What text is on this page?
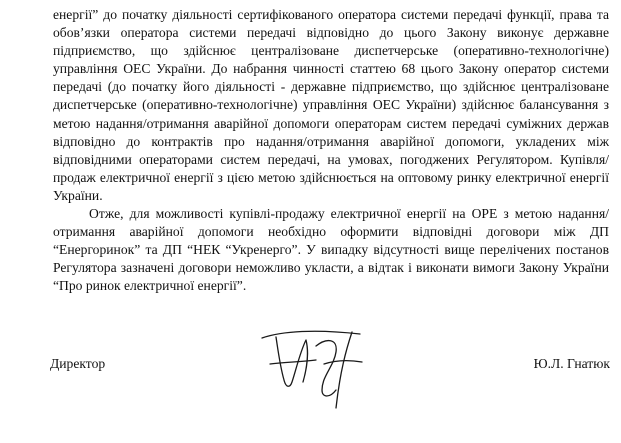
енергії” до початку діяльності сертифікованого оператора системи передачі функції, права та обов’язки оператора системи передачі відповідно до цього Закону виконує державне підприємство, що здійснює централізоване диспетчерське (оперативно-технологічне) управління ОЕС України. До набрання чинності статтею 68 цього Закону оператор системи передачі (до початку його діяльності - державне підприємство, що здійснює централізоване диспетчерське (оперативно-технологічне) управління ОЕС України) здійснює балансування з метою надання/отримання аварійної допомоги операторам систем передачі суміжних держав відповідно до контрактів про надання/отримання аварійної допомоги, укладених між відповідними операторами систем передачі, на умовах, погоджених Регулятором. Купівля/продаж електричної енергії з цією метою здійснюється на оптовому ринку електричної енергії України.

Отже, для можливості купівлі-продажу електричної енергії на ОРЕ з метою надання/отримання аварійної допомоги необхідно оформити відповідні договори між ДП “Енергоринок” та ДП “НЕК “Укренерго”. У випадку відсутності вище перелічених постанов Регулятора зазначені договори неможливо укласти, а відтак і виконати вимоги Закону України “Про ринок електричної енергії”.

Директор	Ю.Л. Гнатюк
